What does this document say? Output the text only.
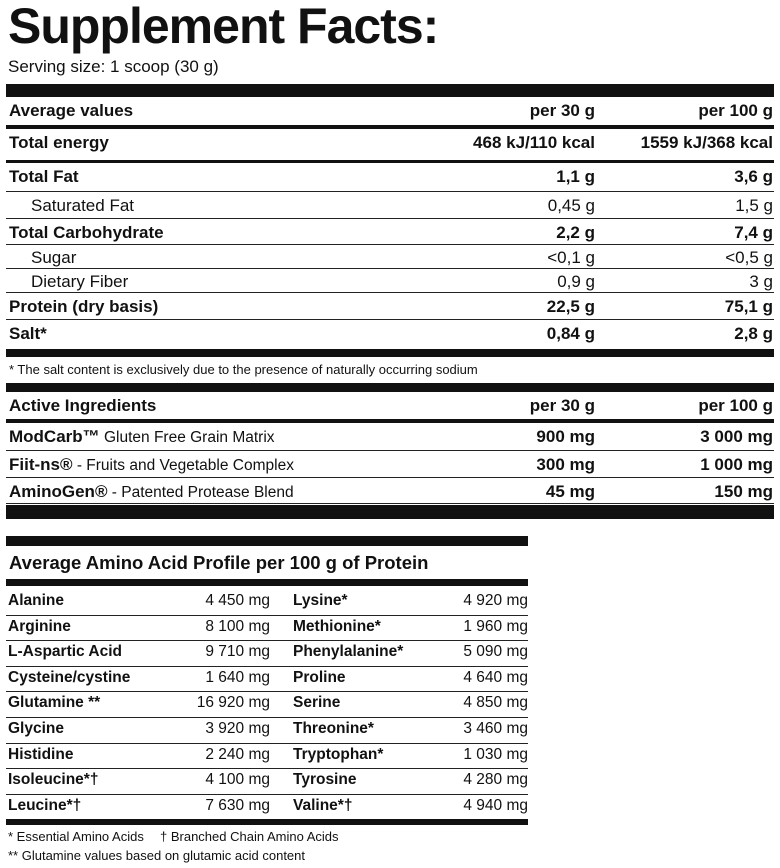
Supplement Facts:
Serving size: 1 scoop (30 g)
Average values	per 30 g	per 100 g
Total energy	468 kJ/110 kcal	1559 kJ/368 kcal
Total Fat	1,1 g	3,6 g
Saturated Fat	0,45 g	1,5 g
Total Carbohydrate	2,2 g	7,4 g
Sugar	<0,1 g	<0,5 g
Dietary Fiber	0,9 g	3 g
Protein (dry basis)	22,5 g	75,1 g
Salt*	0,84 g	2,8 g
* The salt content is exclusively due to the presence of naturally occurring sodium
Active Ingredients	per 30 g	per 100 g
ModCarb™ Gluten Free Grain Matrix	900 mg	3 000 mg
Fiit-ns® - Fruits and Vegetable Complex	300 mg	1 000 mg
AminoGen® - Patented Protease Blend	45 mg	150 mg
Average Amino Acid Profile per 100 g of Protein
Alanine	4 450 mg Lysine*	4 920 mg
Arginine	8 100 mg Methionine*	1 960 mg
L-Aspartic Acid	9 710 mg Phenylalanine*	5 090 mg
Cysteine/cystine	1 640 mg Proline	4 640 mg
Glutamine **	16 920 mg Serine	4 850 mg
Glycine	3 920 mg Threonine*	3 460 mg
Histidine	2 240 mg Tryptophan*	1 030 mg
Isoleucine*†	4 100 mg Tyrosine	4 280 mg
Leucine*†	7 630 mg Valine*†	4 940 mg
* Essential Amino Acids † Branched Chain Amino Acids
** Glutamine values based on glutamic acid content
